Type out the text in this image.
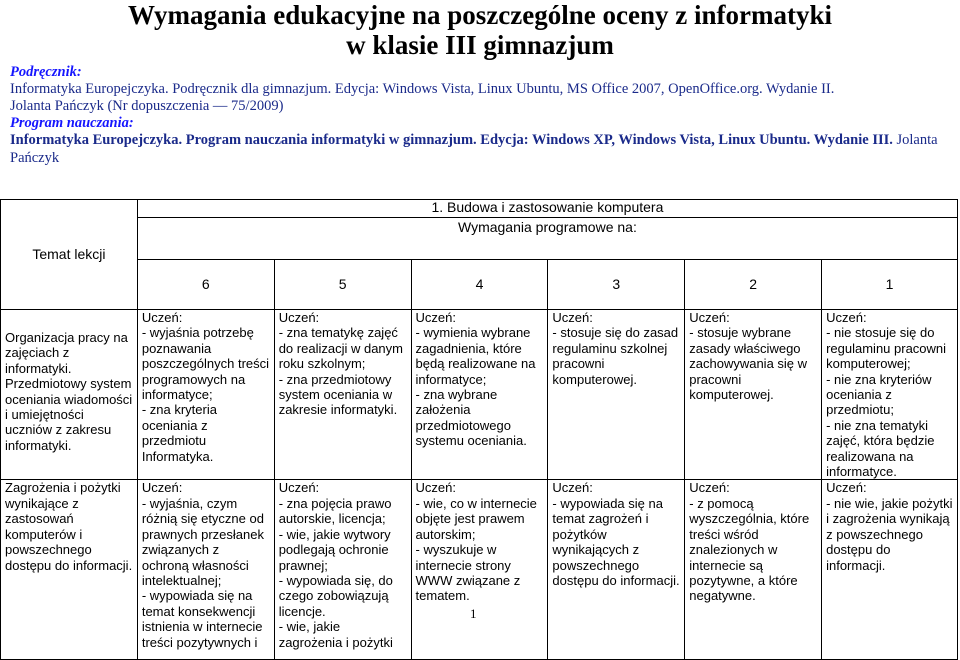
Wymagania edukacyjne na poszczególne oceny z informatyki
w klasie III gimnazjum
Podręcznik:
Informatyka Europejczyka. Podręcznik dla gimnazjum. Edycja: Windows Vista, Linux Ubuntu, MS Office 2007, OpenOffice.org. Wydanie II.
Jolanta Pańczyk (Nr dopuszczenia — 75/2009)
Program nauczania:
Informatyka Europejczyka. Program nauczania informatyki w gimnazjum. Edycja: Windows XP, Windows Vista, Linux Ubuntu. Wydanie III. Jolanta Pańczyk
Temat lekcji	1. Budowa i zastosowanie komputera
Wymagania programowe na:					

	6	5	4	3	2	1
Organizacja pracy na zajęciach z informatyki. Przedmiotowy system oceniania wiadomości i umiejętności uczniów z zakresu informatyki.	Uczeń:
- wyjaśnia potrzebę poznawania poszczególnych treści programowych na informatyce;
- zna kryteria oceniania z przedmiotu Informatyka.	Uczeń:
- zna tematykę zajęć do realizacji w danym roku szkolnym;
- zna przedmiotowy system oceniania w zakresie informatyki.	Uczeń:
- wymienia wybrane zagadnienia, które będą realizowane na informatyce;
- zna wybrane założenia przedmiotowego systemu oceniania.	Uczeń:
- stosuje się do zasad regulaminu szkolnej pracowni komputerowej.	Uczeń:
- stosuje wybrane zasady właściwego zachowywania się w pracowni komputerowej.	Uczeń:
- nie stosuje się do regulaminu pracowni komputerowej;
- nie zna kryteriów oceniania z przedmiotu;
- nie zna tematyki zajęć, która będzie realizowana na informatyce.
Zagrożenia i pożytki wynikające z zastosowań komputerów i powszechnego dostępu do informacji.	Uczeń:
- wyjaśnia, czym różnią się etyczne od prawnych przesłanek związanych z ochroną własności intelektualnej;
- wypowiada się na temat konsekwencji istnienia w internecie treści pozytywnych i	Uczeń:
- zna pojęcia prawo autorskie, licencja;
- wie, jakie wytwory podlegają ochronie prawnej;
- wypowiada się, do czego zobowiązują licencje.
- wie, jakie zagrożenia i pożytki	Uczeń:
- wie, co w internecie objęte jest prawem autorskim;
- wyszukuje w internecie strony WWW związane z tematem.	Uczeń:
- wypowiada się na temat zagrożeń i pożytków wynikających z powszechnego dostępu do informacji.	Uczeń:
- z pomocą wyszczególnia, które treści wśród znalezionych w internecie są pozytywne, a które negatywne.	Uczeń:
- nie wie, jakie pożytki i zagrożenia wynikają z powszechnego dostępu do informacji.
1
